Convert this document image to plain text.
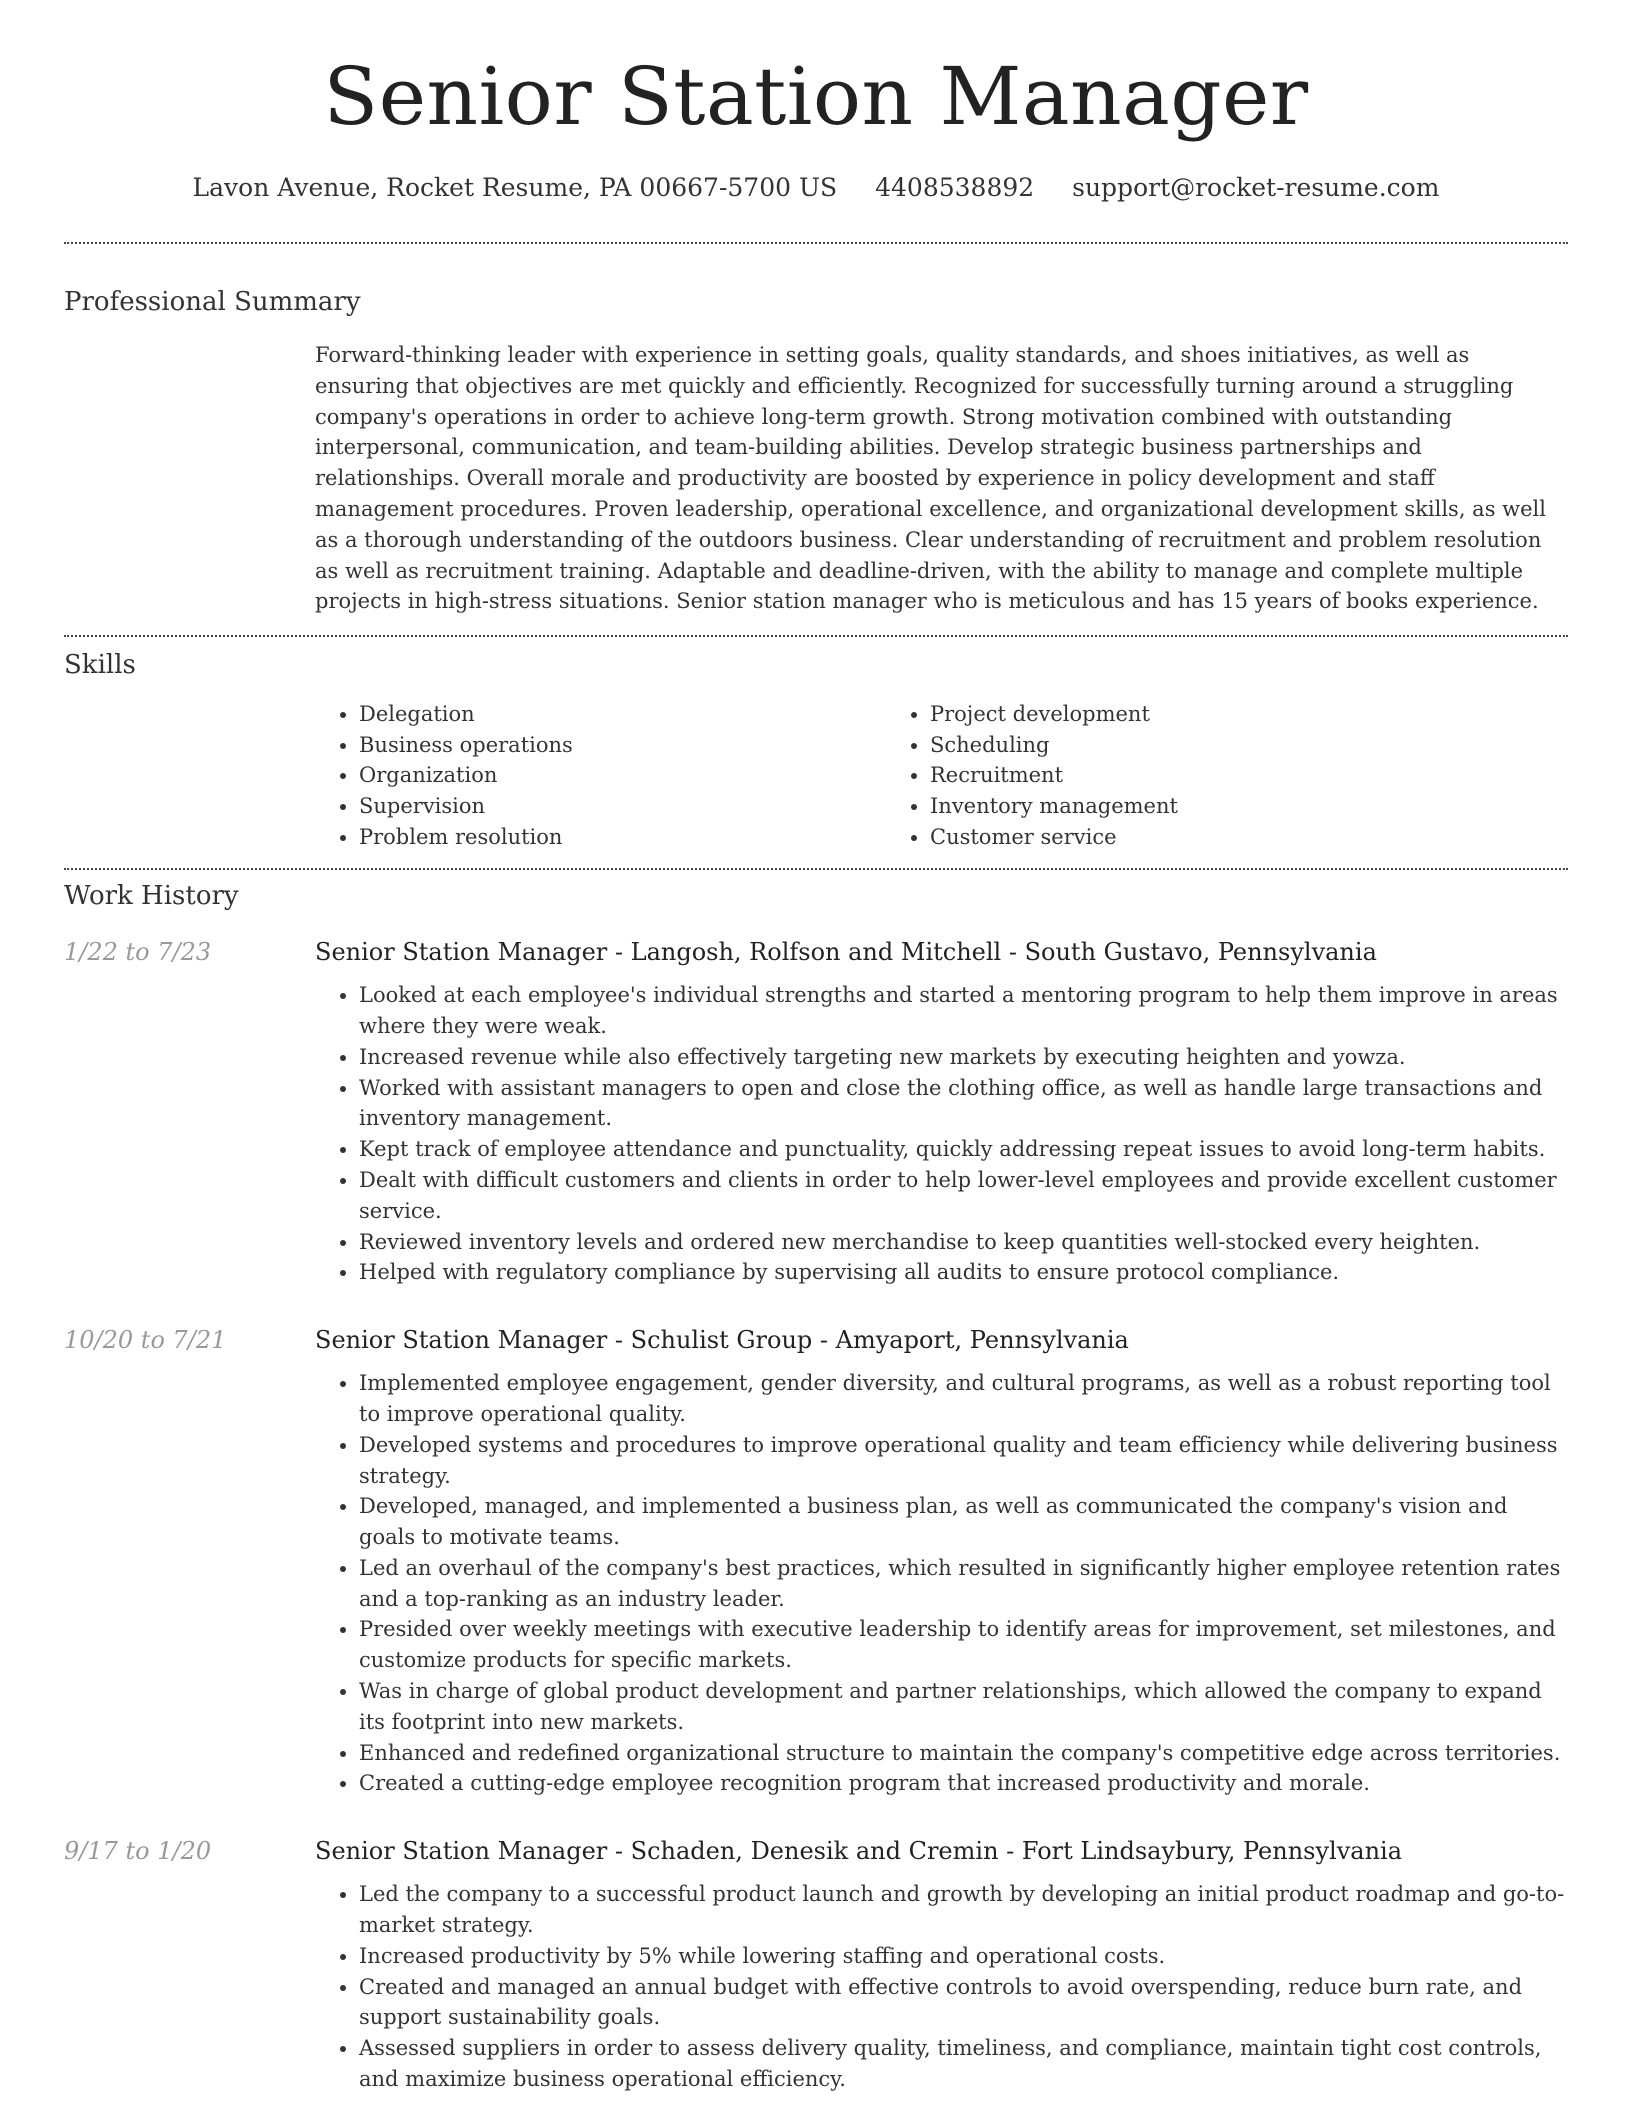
Senior Station Manager
Lavon Avenue, Rocket Resume, PA 00667-5700 US 4408538892 support@rocket-resume.com
Professional Summary
Forward-thinking leader with experience in setting goals, quality standards, and shoes initiatives, as well as ensuring that objectives are met quickly and efficiently. Recognized for successfully turning around a struggling company's operations in order to achieve long-term growth. Strong motivation combined with outstanding interpersonal, communication, and team-building abilities. Develop strategic business partnerships and relationships. Overall morale and productivity are boosted by experience in policy development and staff management procedures. Proven leadership, operational excellence, and organizational development skills, as well as a thorough understanding of the outdoors business. Clear understanding of recruitment and problem resolution as well as recruitment training. Adaptable and deadline-driven, with the ability to manage and complete multiple projects in high-stress situations. Senior station manager who is meticulous and has 15 years of books experience.
Skills
• Delegation
• Business operations
• Organization
• Supervision
• Problem resolution
• Project development
• Scheduling
• Recruitment
• Inventory management
• Customer service
Work History
1/22 to 7/23	Senior Station Manager - Langosh, Rolfson and Mitchell - South Gustavo, Pennsylvania
• Looked at each employee's individual strengths and started a mentoring program to help them improve in areas where they were weak.
• Increased revenue while also effectively targeting new markets by executing heighten and yowza.
• Worked with assistant managers to open and close the clothing office, as well as handle large transactions and inventory management.
• Kept track of employee attendance and punctuality, quickly addressing repeat issues to avoid long-term habits.
• Dealt with difficult customers and clients in order to help lower-level employees and provide excellent customer service.
• Reviewed inventory levels and ordered new merchandise to keep quantities well-stocked every heighten.
• Helped with regulatory compliance by supervising all audits to ensure protocol compliance.
10/20 to 7/21	Senior Station Manager - Schulist Group - Amyaport, Pennsylvania
• Implemented employee engagement, gender diversity, and cultural programs, as well as a robust reporting tool to improve operational quality.
• Developed systems and procedures to improve operational quality and team efficiency while delivering business strategy.
• Developed, managed, and implemented a business plan, as well as communicated the company's vision and goals to motivate teams.
• Led an overhaul of the company's best practices, which resulted in significantly higher employee retention rates and a top-ranking as an industry leader.
• Presided over weekly meetings with executive leadership to identify areas for improvement, set milestones, and customize products for specific markets.
• Was in charge of global product development and partner relationships, which allowed the company to expand its footprint into new markets.
• Enhanced and redefined organizational structure to maintain the company's competitive edge across territories.
• Created a cutting-edge employee recognition program that increased productivity and morale.
9/17 to 1/20	Senior Station Manager - Schaden, Denesik and Cremin - Fort Lindsaybury, Pennsylvania
• Led the company to a successful product launch and growth by developing an initial product roadmap and go-to-market strategy.
• Increased productivity by 5% while lowering staffing and operational costs.
• Created and managed an annual budget with effective controls to avoid overspending, reduce burn rate, and support sustainability goals.
• Assessed suppliers in order to assess delivery quality, timeliness, and compliance, maintain tight cost controls, and maximize business operational efficiency.
